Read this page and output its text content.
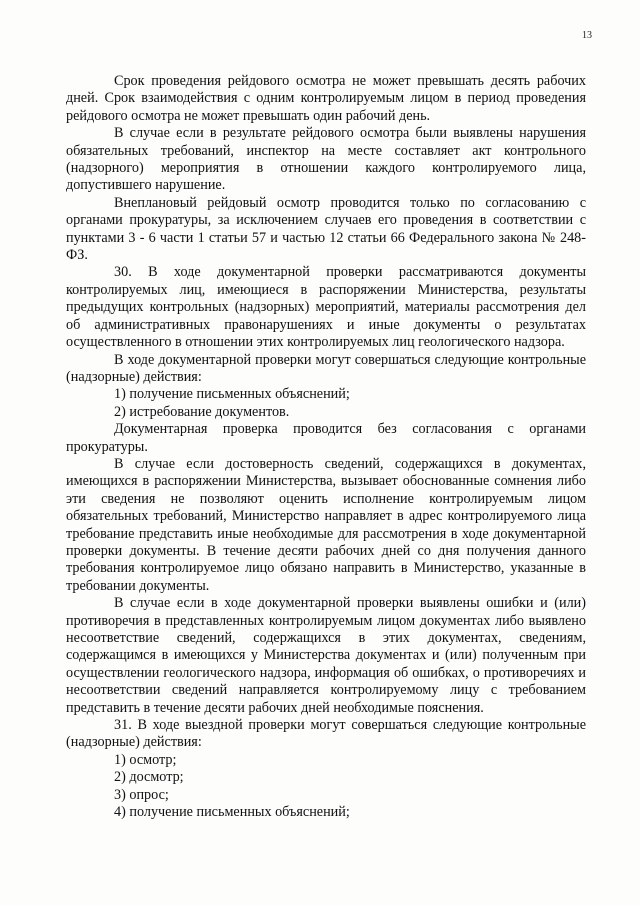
13

Срок проведения рейдового осмотра не может превышать десять рабочих дней. Срок взаимодействия с одним контролируемым лицом в период проведения рейдового осмотра не может превышать один рабочий день.

В случае если в результате рейдового осмотра были выявлены нарушения обязательных требований, инспектор на месте составляет акт контрольного (надзорного) мероприятия в отношении каждого контролируемого лица, допустившего нарушение.

Внеплановый рейдовый осмотр проводится только по согласованию с органами прокуратуры, за исключением случаев его проведения в соответствии с пунктами 3 - 6 части 1 статьи 57 и частью 12 статьи 66 Федерального закона № 248-ФЗ.

30. В ходе документарной проверки рассматриваются документы контролируемых лиц, имеющиеся в распоряжении Министерства, результаты предыдущих контрольных (надзорных) мероприятий, материалы рассмотрения дел об административных правонарушениях и иные документы о результатах осуществленного в отношении этих контролируемых лиц геологического надзора.

В ходе документарной проверки могут совершаться следующие контрольные (надзорные) действия:

1) получение письменных объяснений;

2) истребование документов.

Документарная проверка проводится без согласования с органами прокуратуры.

В случае если достоверность сведений, содержащихся в документах, имеющихся в распоряжении Министерства, вызывает обоснованные сомнения либо эти сведения не позволяют оценить исполнение контролируемым лицом обязательных требований, Министерство направляет в адрес контролируемого лица требование представить иные необходимые для рассмотрения в ходе документарной проверки документы. В течение десяти рабочих дней со дня получения данного требования контролируемое лицо обязано направить в Министерство, указанные в требовании документы.

В случае если в ходе документарной проверки выявлены ошибки и (или) противоречия в представленных контролируемым лицом документах либо выявлено несоответствие сведений, содержащихся в этих документах, сведениям, содержащимся в имеющихся у Министерства документах и (или) полученным при осуществлении геологического надзора, информация об ошибках, о противоречиях и несоответствии сведений направляется контролируемому лицу с требованием представить в течение десяти рабочих дней необходимые пояснения.

31. В ходе выездной проверки могут совершаться следующие контрольные (надзорные) действия:

1) осмотр;

2) досмотр;

3) опрос;

4) получение письменных объяснений;
